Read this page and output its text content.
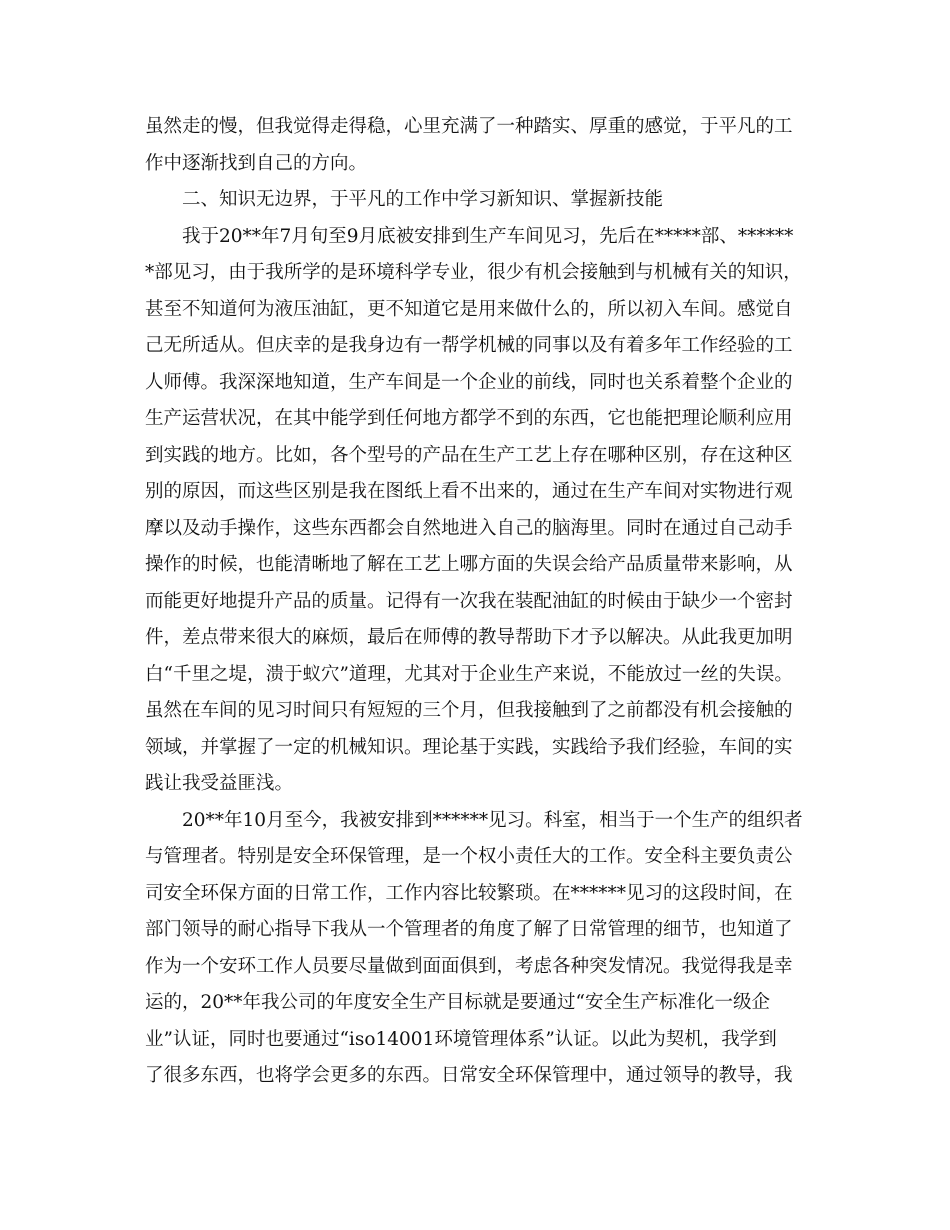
虽然走的慢，但我觉得走得稳，心里充满了一种踏实、厚重的感觉，于平凡的工
作中逐渐找到自己的方向。
二、知识无边界，于平凡的工作中学习新知识、掌握新技能
我于20**年7月旬至9月底被安排到生产车间见习，先后在*****部、******
*部见习，由于我所学的是环境科学专业，很少有机会接触到与机械有关的知识，
甚至不知道何为液压油缸，更不知道它是用来做什么的，所以初入车间。感觉自
己无所适从。但庆幸的是我身边有一帮学机械的同事以及有着多年工作经验的工
人师傅。我深深地知道，生产车间是一个企业的前线，同时也关系着整个企业的
生产运营状况，在其中能学到任何地方都学不到的东西，它也能把理论顺利应用
到实践的地方。比如，各个型号的产品在生产工艺上存在哪种区别，存在这种区
别的原因，而这些区别是我在图纸上看不出来的，通过在生产车间对实物进行观
摩以及动手操作，这些东西都会自然地进入自己的脑海里。同时在通过自己动手
操作的时候，也能清晰地了解在工艺上哪方面的失误会给产品质量带来影响，从
而能更好地提升产品的质量。记得有一次我在装配油缸的时候由于缺少一个密封
件，差点带来很大的麻烦，最后在师傅的教导帮助下才予以解决。从此我更加明
白“千里之堤，溃于蚁穴”道理，尤其对于企业生产来说，不能放过一丝的失误。
虽然在车间的见习时间只有短短的三个月，但我接触到了之前都没有机会接触的
领域，并掌握了一定的机械知识。理论基于实践，实践给予我们经验，车间的实
践让我受益匪浅。
20**年10月至今，我被安排到******见习。科室，相当于一个生产的组织者
与管理者。特别是安全环保管理，是一个权小责任大的工作。安全科主要负责公
司安全环保方面的日常工作，工作内容比较繁琐。在******见习的这段时间，在
部门领导的耐心指导下我从一个管理者的角度了解了日常管理的细节，也知道了
作为一个安环工作人员要尽量做到面面俱到，考虑各种突发情况。我觉得我是幸
运的，20**年我公司的年度安全生产目标就是要通过“安全生产标准化一级企
业”认证，同时也要通过“iso14001环境管理体系”认证。以此为契机，我学到
了很多东西，也将学会更多的东西。日常安全环保管理中，通过领导的教导，我
